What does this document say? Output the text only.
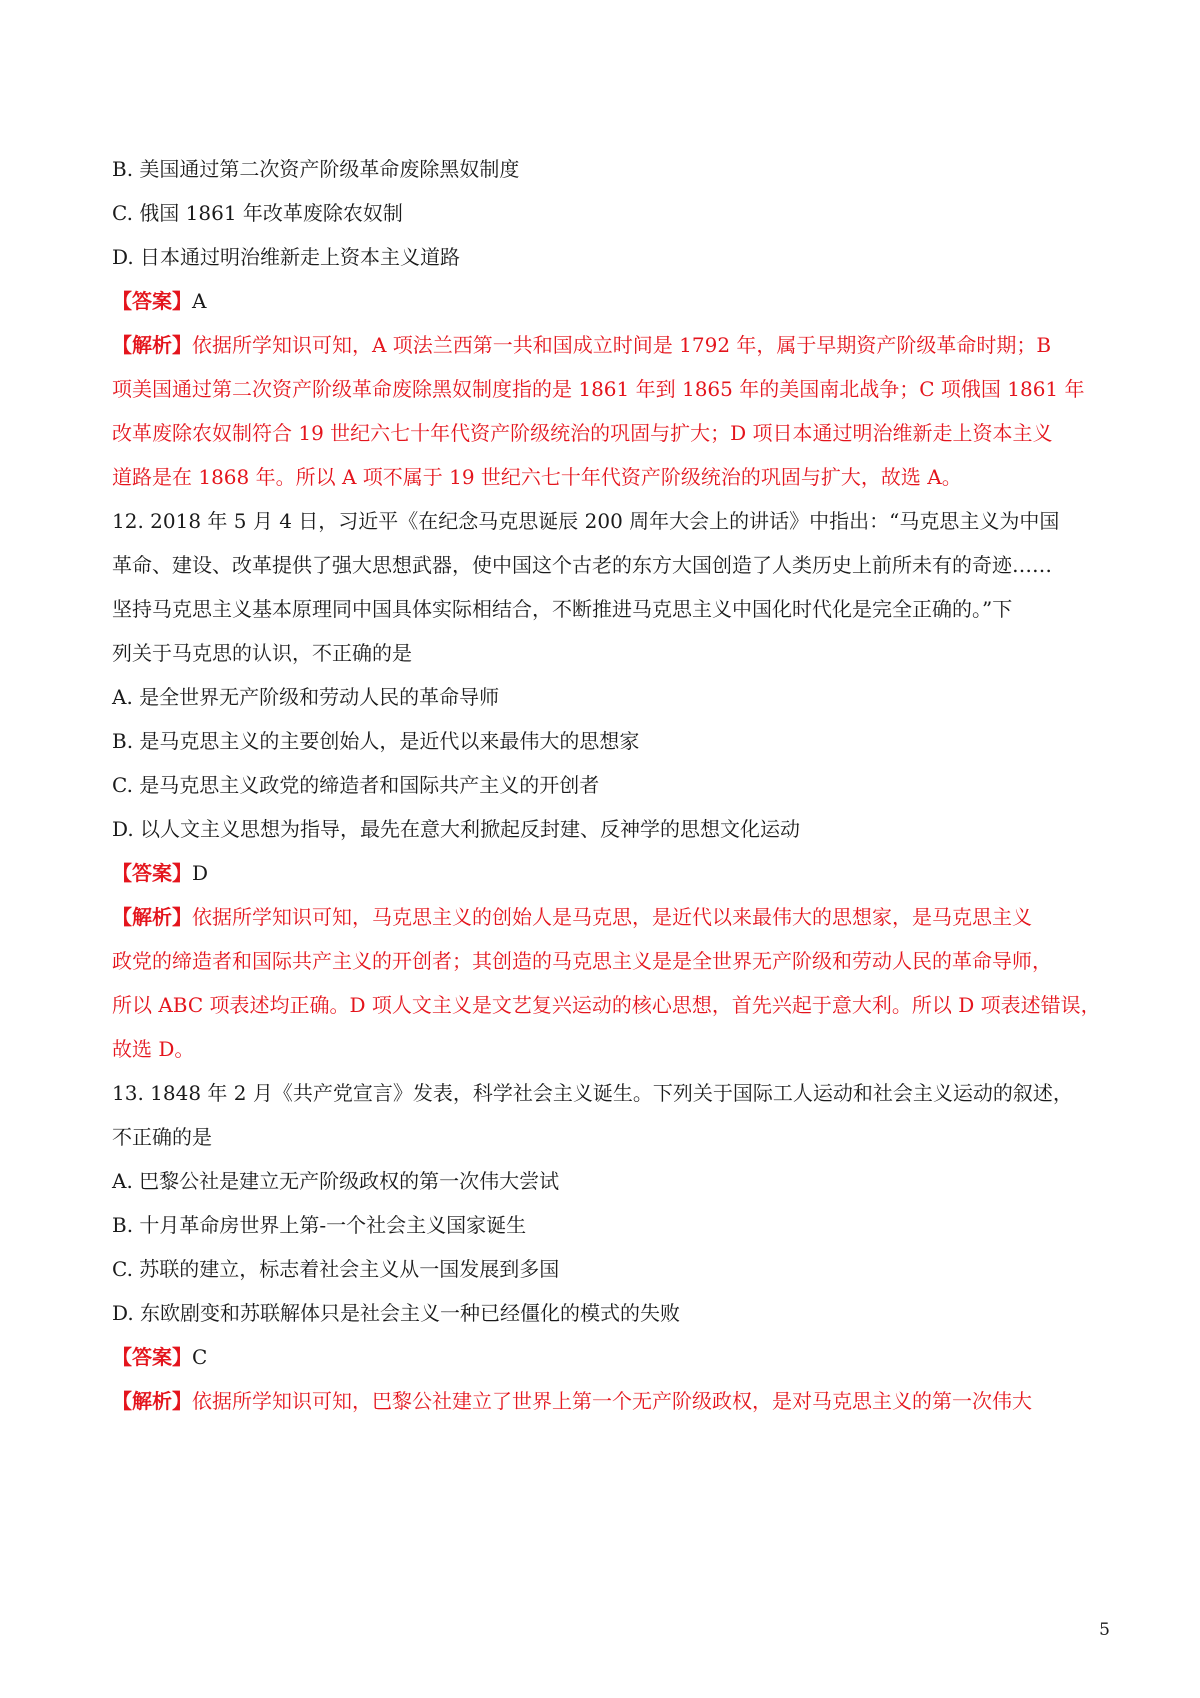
B. 美国通过第二次资产阶级革命废除黑奴制度
C. 俄国 1861 年改革废除农奴制
D. 日本通过明治维新走上资本主义道路
【答案】A
【解析】依据所学知识可知，A 项法兰西第一共和国成立时间是 1792 年，属于早期资产阶级革命时期；B
项美国通过第二次资产阶级革命废除黑奴制度指的是 1861 年到 1865 年的美国南北战争；C 项俄国 1861 年
改革废除农奴制符合 19 世纪六七十年代资产阶级统治的巩固与扩大；D 项日本通过明治维新走上资本主义
道路是在 1868 年。所以 A 项不属于 19 世纪六七十年代资产阶级统治的巩固与扩大，故选 A。
12. 2018 年 5 月 4 日，习近平《在纪念马克思诞辰 200 周年大会上的讲话》中指出：“马克思主义为中国
革命、建设、改革提供了强大思想武器，使中国这个古老的东方大国创造了人类历史上前所未有的奇迹……
坚持马克思主义基本原理同中国具体实际相结合，不断推进马克思主义中国化时代化是完全正确的。”下
列关于马克思的认识，不正确的是
A. 是全世界无产阶级和劳动人民的革命导师
B. 是马克思主义的主要创始人，是近代以来最伟大的思想家
C. 是马克思主义政党的缔造者和国际共产主义的开创者
D. 以人文主义思想为指导，最先在意大利掀起反封建、反神学的思想文化运动
【答案】D
【解析】依据所学知识可知，马克思主义的创始人是马克思，是近代以来最伟大的思想家，是马克思主义
政党的缔造者和国际共产主义的开创者；其创造的马克思主义是是全世界无产阶级和劳动人民的革命导师，
所以 ABC 项表述均正确。D 项人文主义是文艺复兴运动的核心思想，首先兴起于意大利。所以 D 项表述错误，
故选 D。
13. 1848 年 2 月《共产党宣言》发表，科学社会主义诞生。下列关于国际工人运动和社会主义运动的叙述，
不正确的是
A. 巴黎公社是建立无产阶级政权的第一次伟大尝试
B. 十月革命房世界上第-一个社会主义国家诞生
C. 苏联的建立，标志着社会主义从一国发展到多国
D. 东欧剧变和苏联解体只是社会主义一种已经僵化的模式的失败
【答案】C
【解析】依据所学知识可知，巴黎公社建立了世界上第一个无产阶级政权，是对马克思主义的第一次伟大
5
